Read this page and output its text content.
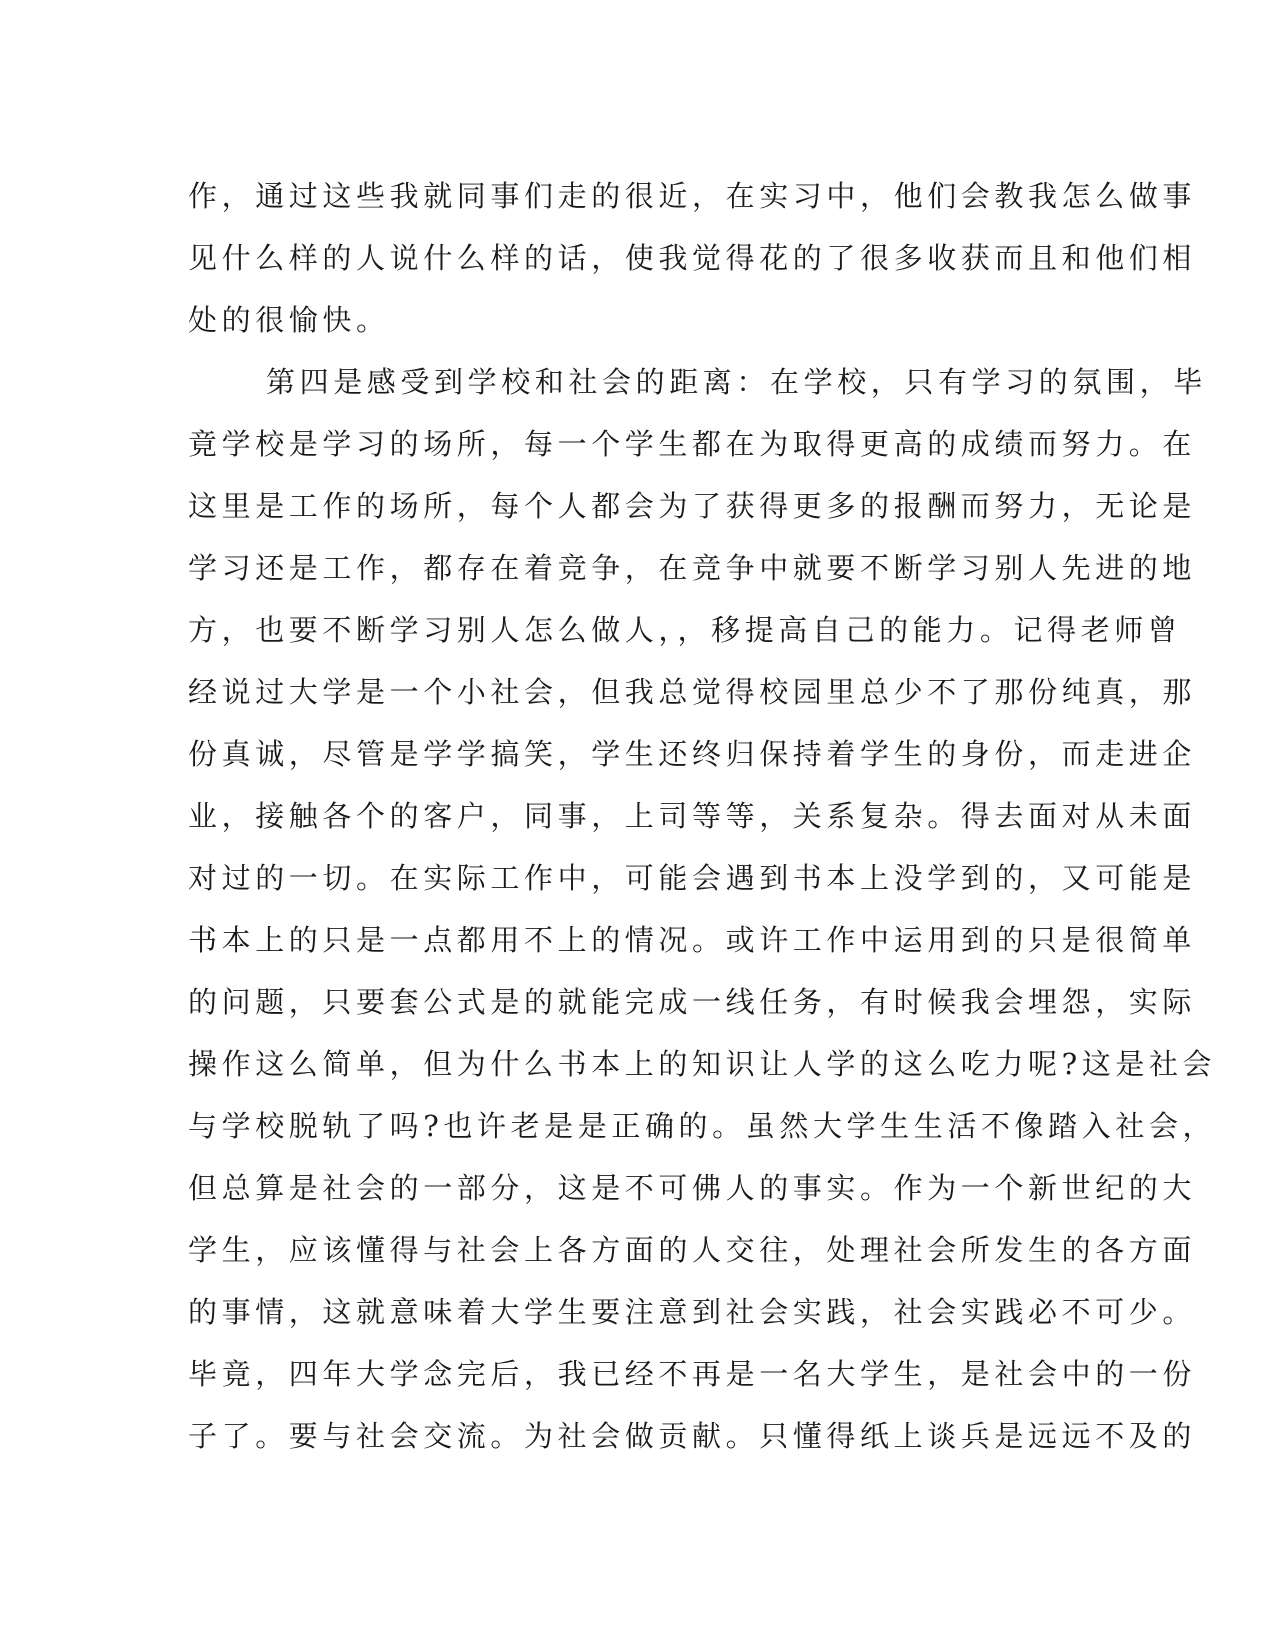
作，通过这些我就同事们走的很近，在实习中，他们会教我怎么做事
见什么样的人说什么样的话，使我觉得花的了很多收获而且和他们相
处的很愉快。
第四是感受到学校和社会的距离：在学校，只有学习的氛围，毕
竟学校是学习的场所，每一个学生都在为取得更高的成绩而努力。在
这里是工作的场所，每个人都会为了获得更多的报酬而努力，无论是
学习还是工作，都存在着竞争，在竞争中就要不断学习别人先进的地
方，也要不断学习别人怎么做人，，移提高自己的能力。记得老师曾
经说过大学是一个小社会，但我总觉得校园里总少不了那份纯真，那
份真诚，尽管是学学搞笑，学生还终归保持着学生的身份，而走进企
业，接触各个的客户，同事，上司等等，关系复杂。得去面对从未面
对过的一切。在实际工作中，可能会遇到书本上没学到的，又可能是
书本上的只是一点都用不上的情况。或许工作中运用到的只是很简单
的问题，只要套公式是的就能完成一线任务，有时候我会埋怨，实际
操作这么简单，但为什么书本上的知识让人学的这么吃力呢?这是社会
与学校脱轨了吗?也许老是是正确的。虽然大学生生活不像踏入社会，
但总算是社会的一部分，这是不可佛人的事实。作为一个新世纪的大
学生，应该懂得与社会上各方面的人交往，处理社会所发生的各方面
的事情，这就意味着大学生要注意到社会实践，社会实践必不可少。
毕竟，四年大学念完后，我已经不再是一名大学生，是社会中的一份
子了。要与社会交流。为社会做贡献。只懂得纸上谈兵是远远不及的
